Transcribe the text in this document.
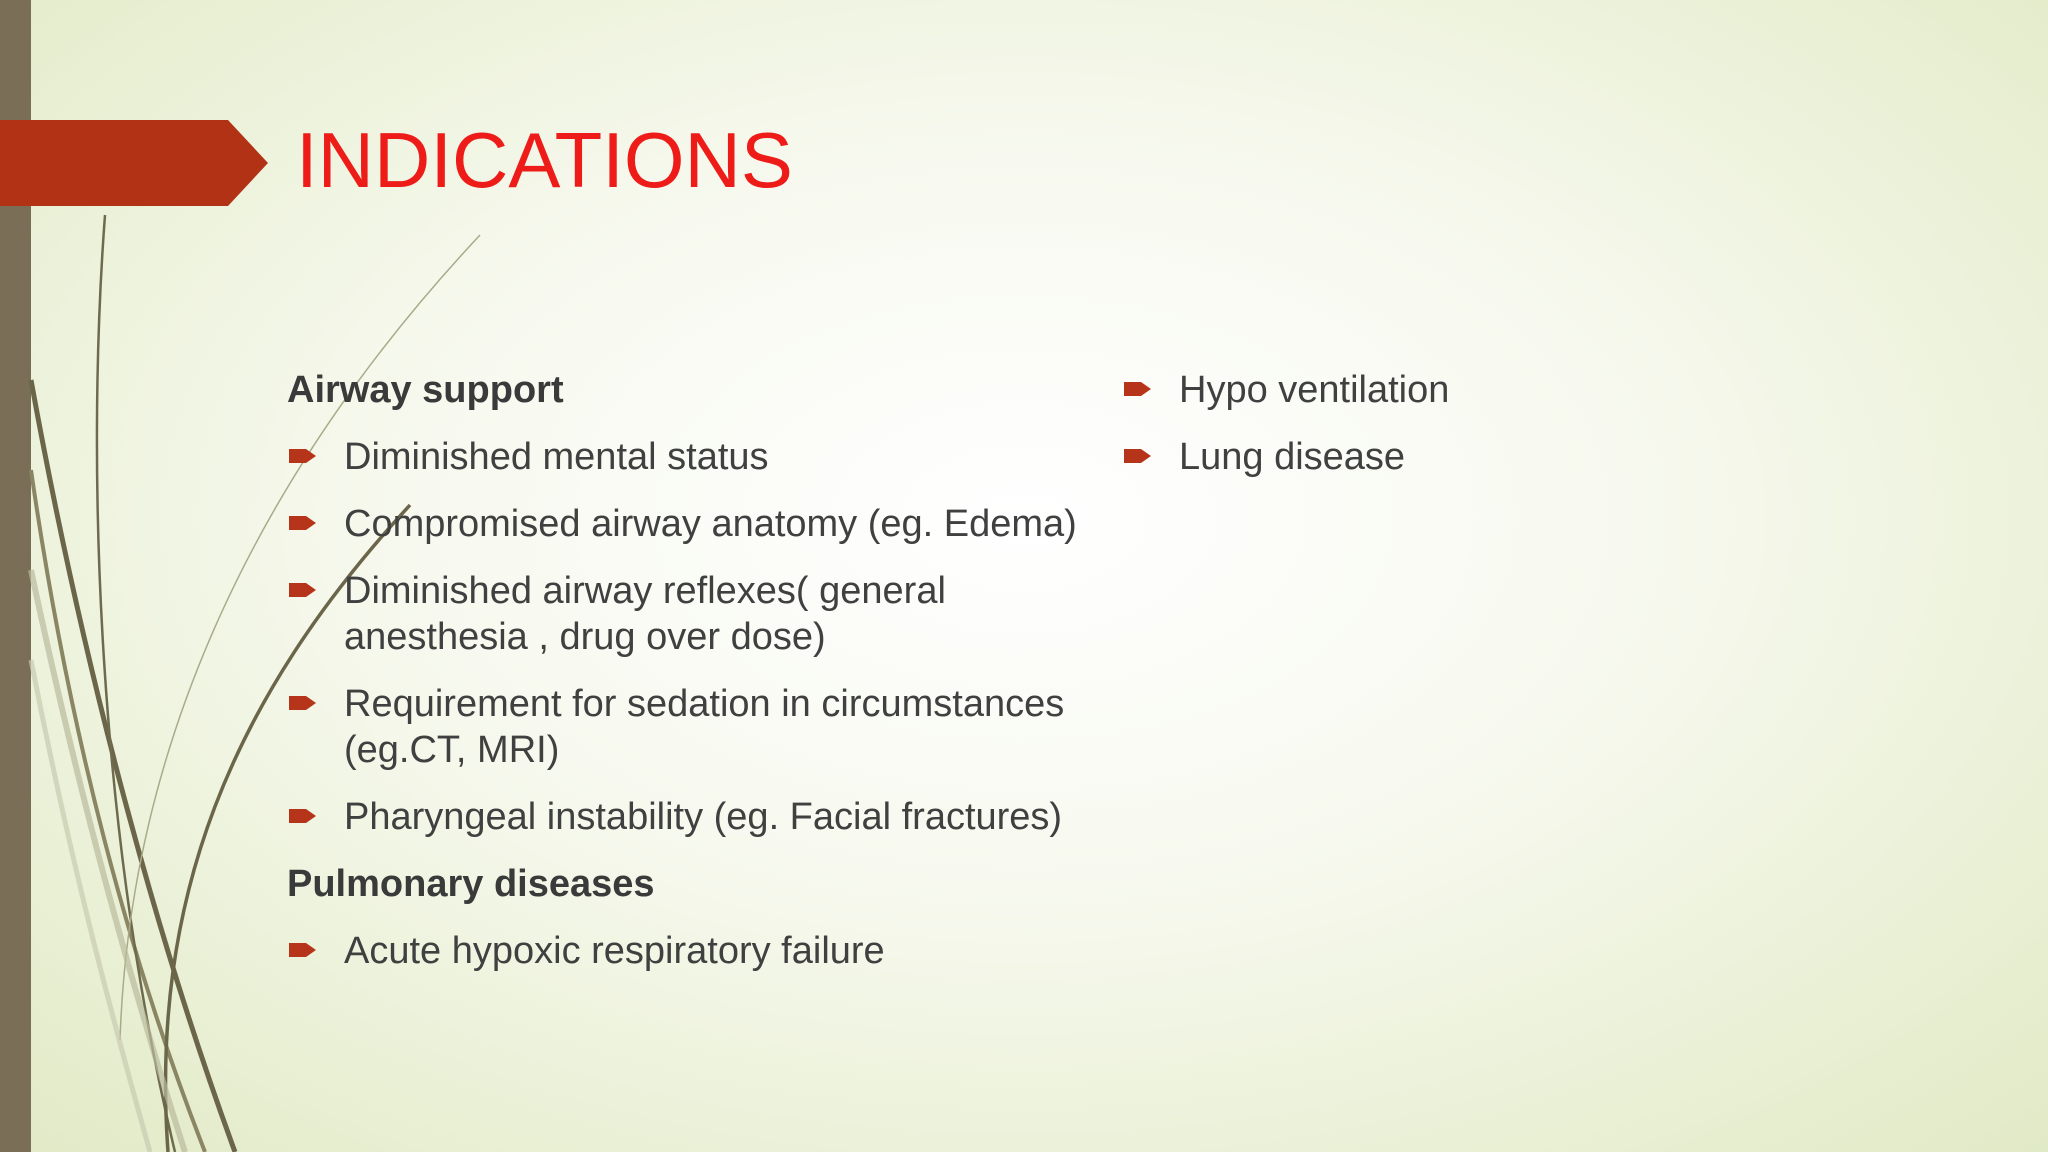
INDICATIONS
Airway support
Diminished mental status
Compromised airway anatomy (eg. Edema)
Diminished airway reflexes( general anesthesia , drug over dose)
Requirement for sedation in circumstances (eg.CT, MRI)
Pharyngeal instability (eg. Facial fractures)
Pulmonary diseases
Acute hypoxic respiratory failure
Hypo ventilation
Lung disease
